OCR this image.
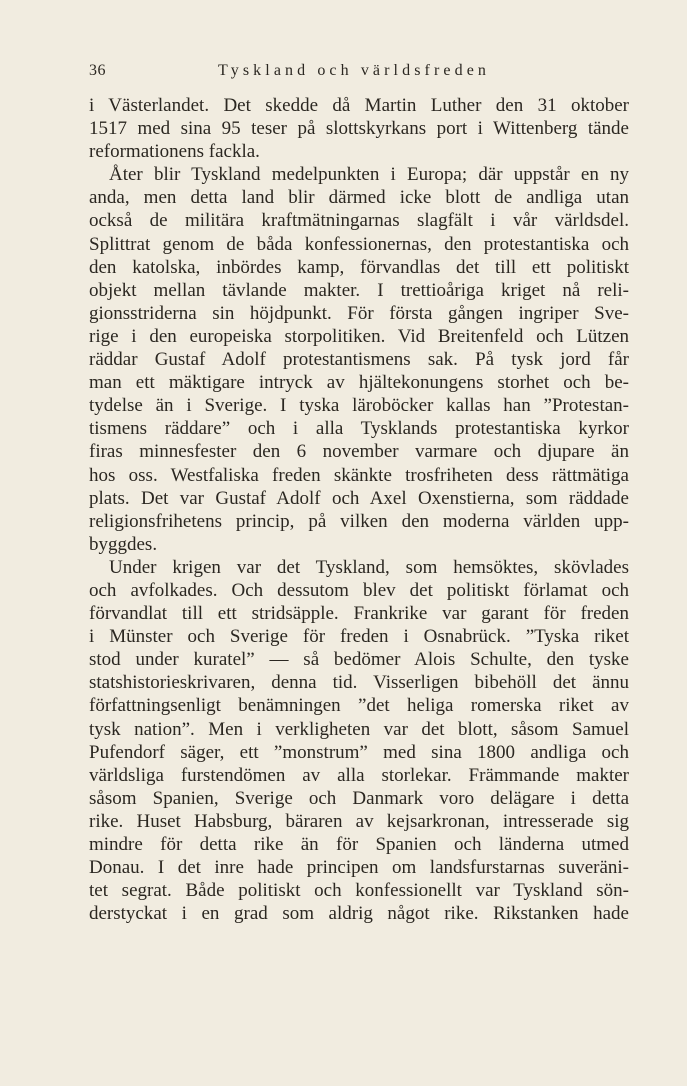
36	Tyskland och världsfreden
i Västerlandet. Det skedde då Martin Luther den 31 oktober
1517 med sina 95 teser på slottskyrkans port i Wittenberg tände
reformationens fackla.
Åter blir Tyskland medelpunkten i Europa; där uppstår en ny
anda, men detta land blir därmed icke blott de andliga utan
också de militära kraftmätningarnas slagfält i vår världsdel.
Splittrat genom de båda konfessionernas, den protestantiska och
den katolska, inbördes kamp, förvandlas det till ett politiskt
objekt mellan tävlande makter. I trettioåriga kriget nå reli-
gionsstriderna sin höjdpunkt. För första gången ingriper Sve-
rige i den europeiska storpolitiken. Vid Breitenfeld och Lützen
räddar Gustaf Adolf protestantismens sak. På tysk jord får
man ett mäktigare intryck av hjältekonungens storhet och be-
tydelse än i Sverige. I tyska läroböcker kallas han ”Protestan-
tismens räddare” och i alla Tysklands protestantiska kyrkor
firas minnesfester den 6 november varmare och djupare än
hos oss. Westfaliska freden skänkte trosfriheten dess rättmätiga
plats. Det var Gustaf Adolf och Axel Oxenstierna, som räddade
religionsfrihetens princip, på vilken den moderna världen upp-
byggdes.
Under krigen var det Tyskland, som hemsöktes, skövlades
och avfolkades. Och dessutom blev det politiskt förlamat och
förvandlat till ett stridsäpple. Frankrike var garant för freden
i Münster och Sverige för freden i Osnabrück. ”Tyska riket
stod under kuratel” — så bedömer Alois Schulte, den tyske
statshistorieskrivaren, denna tid. Visserligen bibehöll det ännu
författningsenligt benämningen ”det heliga romerska riket av
tysk nation”. Men i verkligheten var det blott, såsom Samuel
Pufendorf säger, ett ”monstrum” med sina 1800 andliga och
världsliga furstendömen av alla storlekar. Främmande makter
såsom Spanien, Sverige och Danmark voro delägare i detta
rike. Huset Habsburg, bäraren av kejsarkronan, intresserade sig
mindre för detta rike än för Spanien och länderna utmed
Donau. I det inre hade principen om landsfurstarnas suveräni-
tet segrat. Både politiskt och konfessionellt var Tyskland sön-
derstyckat i en grad som aldrig något rike. Rikstanken hade
